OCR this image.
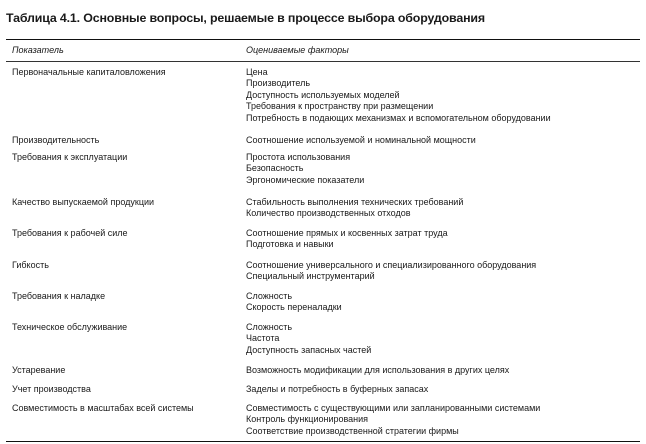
Таблица 4.1. Основные вопросы, решаемые в процессе выбора оборудования
Показатель	Оцениваемые факторы
Первоначальные капиталовложения	Цена
Производитель
Доступность используемых моделей
Требования к пространству при размещении
Потребность в подающих механизмах и вспомогательном оборудовании
Производительность	Соотношение используемой и номинальной мощности
Требования к эксплуатации	Простота использования
Безопасность
Эргономические показатели
Качество выпускаемой продукции	Стабильность выполнения технических требований
Количество производственных отходов
Требования к рабочей силе	Соотношение прямых и косвенных затрат труда
Подготовка и навыки
Гибкость	Соотношение универсального и специализированного оборудования
Специальный инструментарий
Требования к наладке	Сложность
Скорость переналадки
Техническое обслуживание	Сложность
Частота
Доступность запасных частей
Устаревание	Возможность модификации для использования в других целях
Учет производства	Заделы и потребность в буферных запасах
Совместимость в масштабах всей системы	Совместимость с существующими или запланированными системами
Контроль функционирования
Соответствие производственной стратегии фирмы
